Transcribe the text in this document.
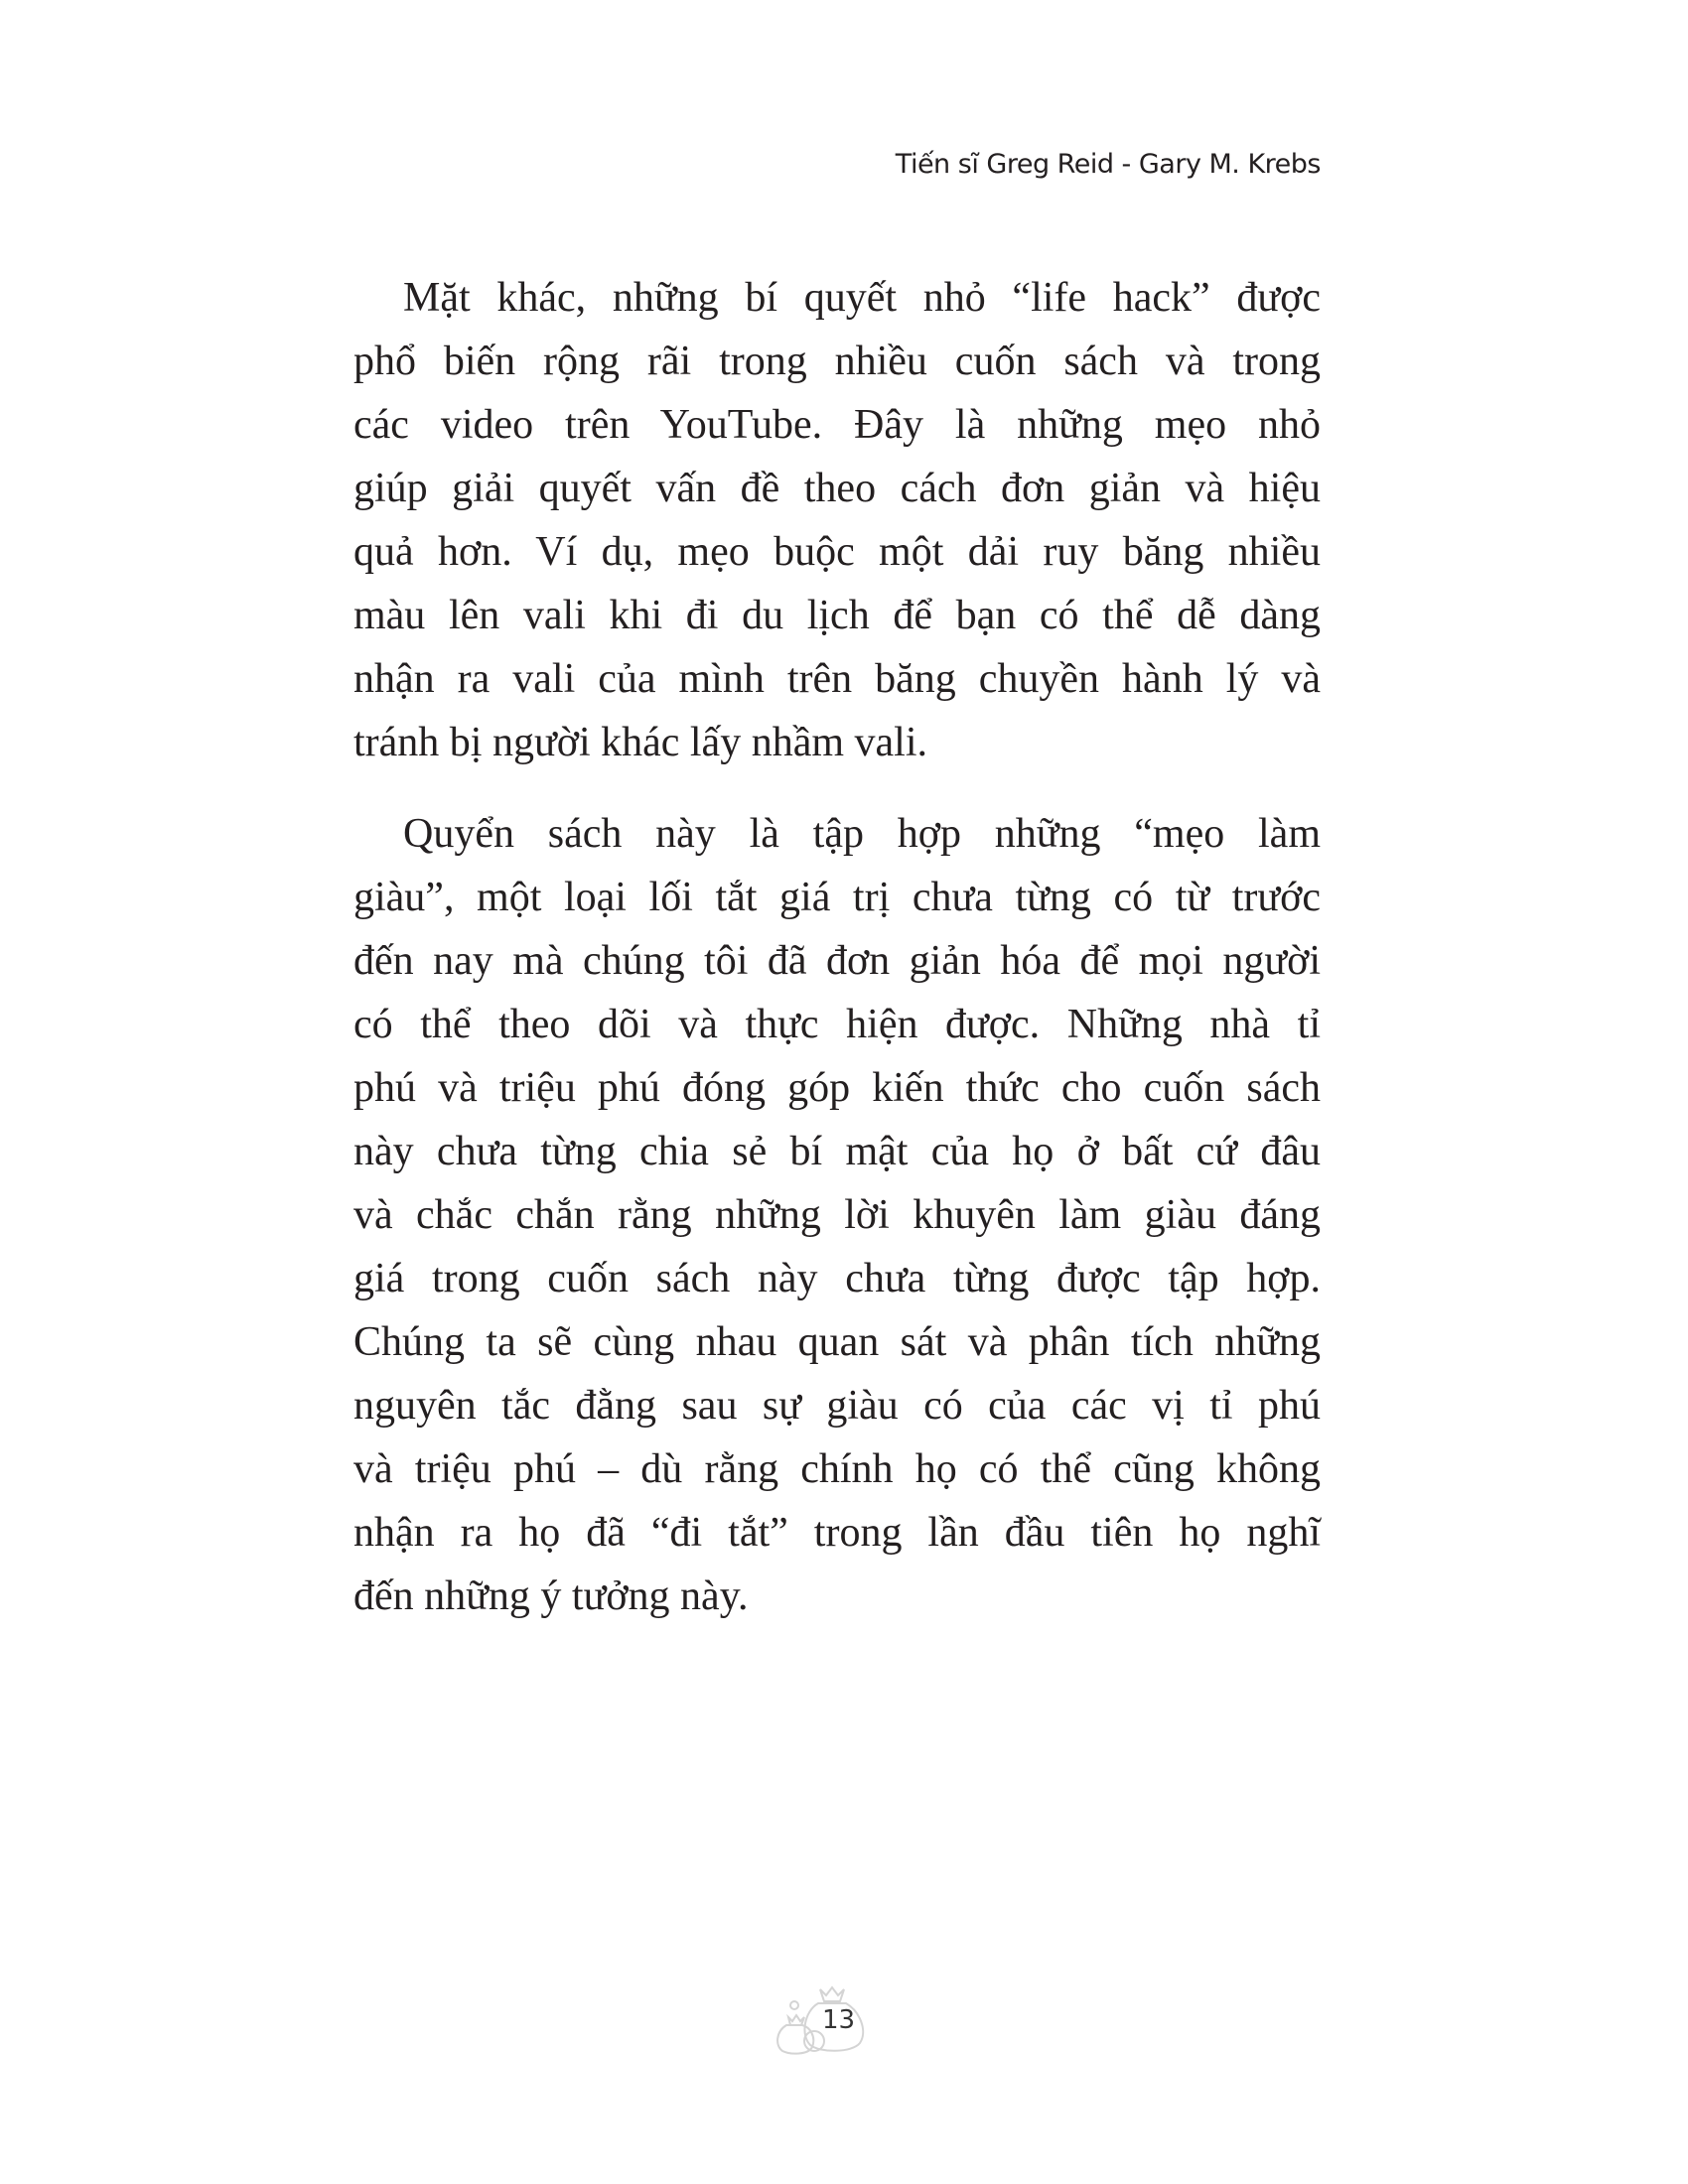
Tiến sĩ Greg Reid - Gary M. Krebs
Mặt khác, những bí quyết nhỏ “life hack” được
phổ biến rộng rãi trong nhiều cuốn sách và trong
các video trên YouTube. Đây là những mẹo nhỏ
giúp giải quyết vấn đề theo cách đơn giản và hiệu
quả hơn. Ví dụ, mẹo buộc một dải ruy băng nhiều
màu lên vali khi đi du lịch để bạn có thể dễ dàng
nhận ra vali của mình trên băng chuyền hành lý và
tránh bị người khác lấy nhầm vali.
Quyển sách này là tập hợp những “mẹo làm
giàu”, một loại lối tắt giá trị chưa từng có từ trước
đến nay mà chúng tôi đã đơn giản hóa để mọi người
có thể theo dõi và thực hiện được. Những nhà tỉ
phú và triệu phú đóng góp kiến thức cho cuốn sách
này chưa từng chia sẻ bí mật của họ ở bất cứ đâu
và chắc chắn rằng những lời khuyên làm giàu đáng
giá trong cuốn sách này chưa từng được tập hợp.
Chúng ta sẽ cùng nhau quan sát và phân tích những
nguyên tắc đằng sau sự giàu có của các vị tỉ phú
và triệu phú – dù rằng chính họ có thể cũng không
nhận ra họ đã “đi tắt” trong lần đầu tiên họ nghĩ
đến những ý tưởng này.
13
